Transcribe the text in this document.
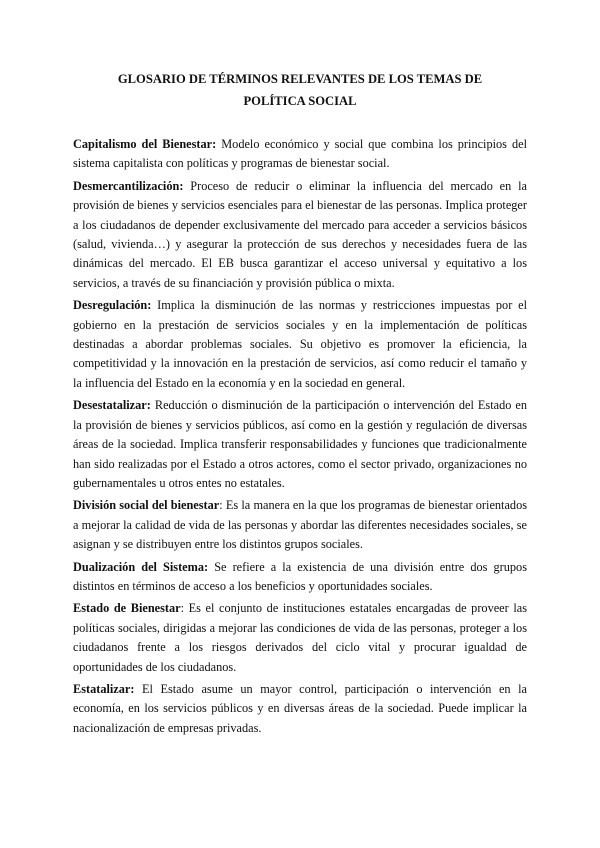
GLOSARIO DE TÉRMINOS RELEVANTES DE LOS TEMAS DE POLÍTICA SOCIAL

Capitalismo del Bienestar: Modelo económico y social que combina los principios del sistema capitalista con políticas y programas de bienestar social.

Desmercantilización: Proceso de reducir o eliminar la influencia del mercado en la provisión de bienes y servicios esenciales para el bienestar de las personas. Implica proteger a los ciudadanos de depender exclusivamente del mercado para acceder a servicios básicos (salud, vivienda…) y asegurar la protección de sus derechos y necesidades fuera de las dinámicas del mercado. El EB busca garantizar el acceso universal y equitativo a los servicios, a través de su financiación y provisión pública o mixta.

Desregulación: Implica la disminución de las normas y restricciones impuestas por el gobierno en la prestación de servicios sociales y en la implementación de políticas destinadas a abordar problemas sociales. Su objetivo es promover la eficiencia, la competitividad y la innovación en la prestación de servicios, así como reducir el tamaño y la influencia del Estado en la economía y en la sociedad en general.

Desestatalizar: Reducción o disminución de la participación o intervención del Estado en la provisión de bienes y servicios públicos, así como en la gestión y regulación de diversas áreas de la sociedad. Implica transferir responsabilidades y funciones que tradicionalmente han sido realizadas por el Estado a otros actores, como el sector privado, organizaciones no gubernamentales u otros entes no estatales.

División social del bienestar: Es la manera en la que los programas de bienestar orientados a mejorar la calidad de vida de las personas y abordar las diferentes necesidades sociales, se asignan y se distribuyen entre los distintos grupos sociales.

Dualización del Sistema: Se refiere a la existencia de una división entre dos grupos distintos en términos de acceso a los beneficios y oportunidades sociales.

Estado de Bienestar: Es el conjunto de instituciones estatales encargadas de proveer las políticas sociales, dirigidas a mejorar las condiciones de vida de las personas, proteger a los ciudadanos frente a los riesgos derivados del ciclo vital y procurar igualdad de oportunidades de los ciudadanos.

Estatalizar: El Estado asume un mayor control, participación o intervención en la economía, en los servicios públicos y en diversas áreas de la sociedad. Puede implicar la nacionalización de empresas privadas.
